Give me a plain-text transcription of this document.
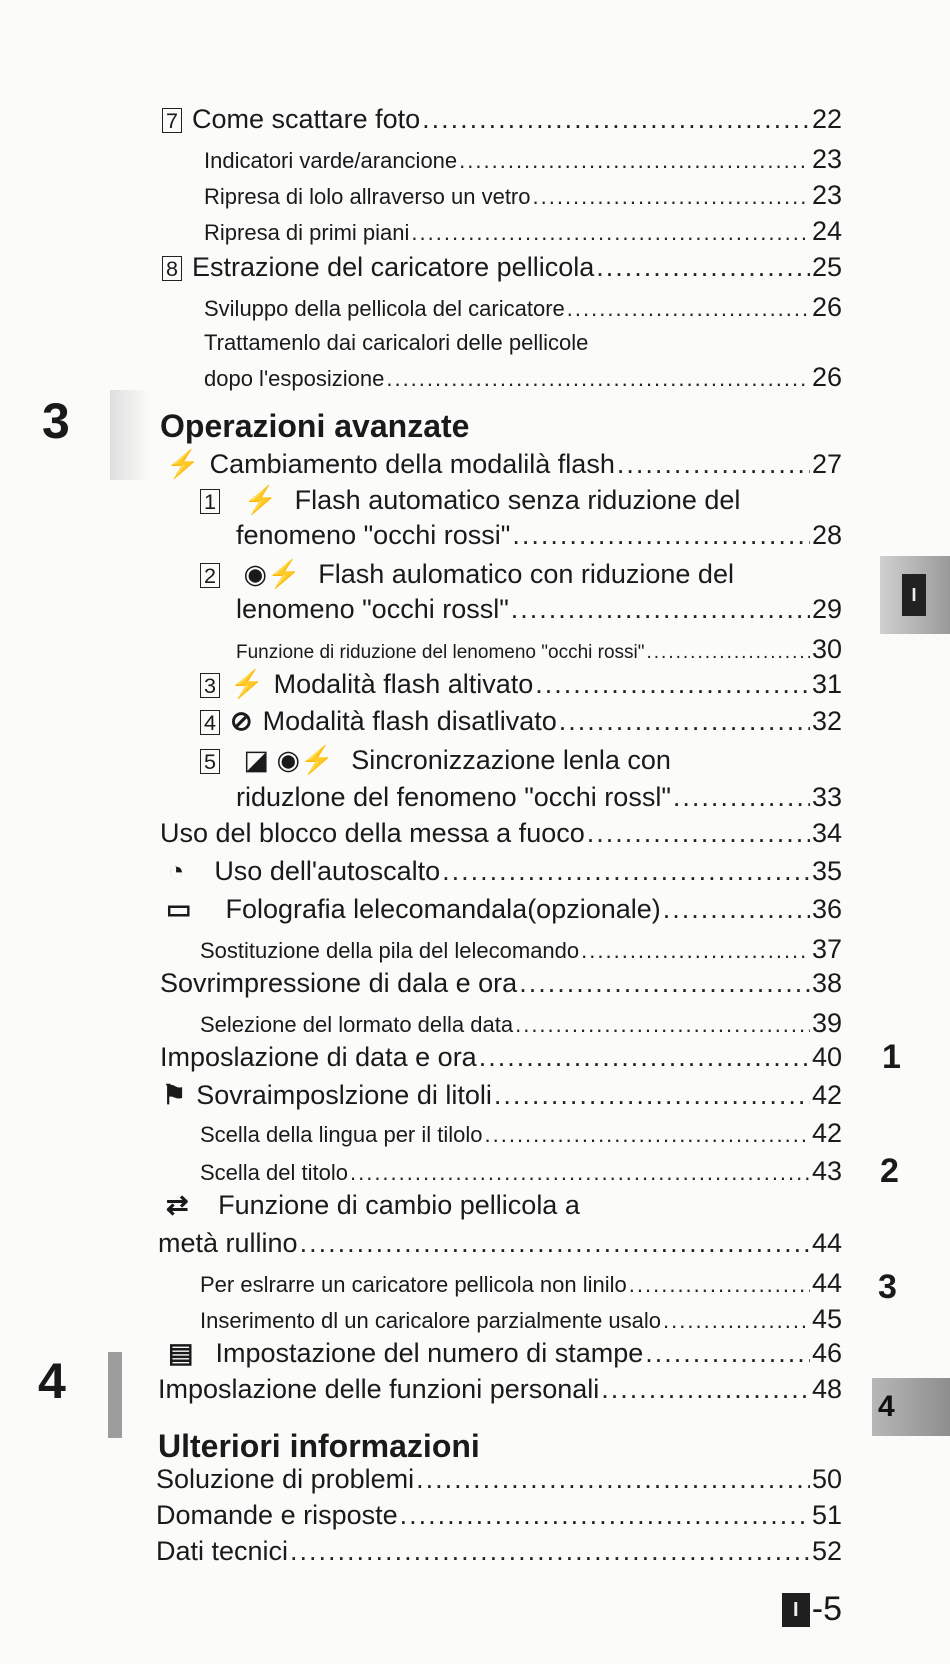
3
4
Operazioni avanzate
Ulteriori informazioni
7 Come scattare foto .....	22
Indicatori varde/arancione .....	23
Ripresa di lolo allraverso un vetro .....	23
Ripresa di primi piani .....	24
8 Estrazione del caricatore pellicola .....	25
Sviluppo della pellicola del caricatore .....	26
Trattamenlo dai caricalori delle pellicole
dopo l'esposizione .....	26
⚡ Cambiamento della modalilà flash .....	27
1 ⚡ Flash automatico senza riduzione del
fenomeno "occhi rossi" .....	28
2 ◉⚡ Flash aulomatico con riduzione del
lenomeno "occhi rossl" .....	29
Funzione di riduzione del lenomeno "occhi rossi" .....	30
3 ⚡ Modalità flash altivato .....	31
4 ⊘ Modalità flash disatlivato .....	32
5 ◪ ◉⚡ Sincronizzazione lenla con
riduzlone del fenomeno "occhi rossl" .....	33
Uso del blocco della messa a fuoco .....	34
◔ Uso dell'autoscalto .....	35
▭ Folografia lelecomandala(opzionale) .....	36
Sostituzione della pila del lelecomando .....	37
Sovrimpressione di dala e ora .....	38
Selezione del lormato della data .....	39
Imposlazione di data e ora .....	40
⚑ Sovraimposlzione di litoli .....	42
Scella della lingua per il tilolo .....	42
Scella del titolo .....	43
⇄ Funzione di cambio pellicola a
metà rullino .....	44
Per eslrarre un caricatore pellicola non linilo .....	44
Inserimento dl un caricalore parzialmente usalo .....	45
▤ Impostazione del numero di stampe .....	46
Imposlazione delle funzioni personali .....	48
Soluzione di problemi .....	50
Domande e risposte .....	51
Dati tecnici .....	52
I
1
2
3
4
I -5
